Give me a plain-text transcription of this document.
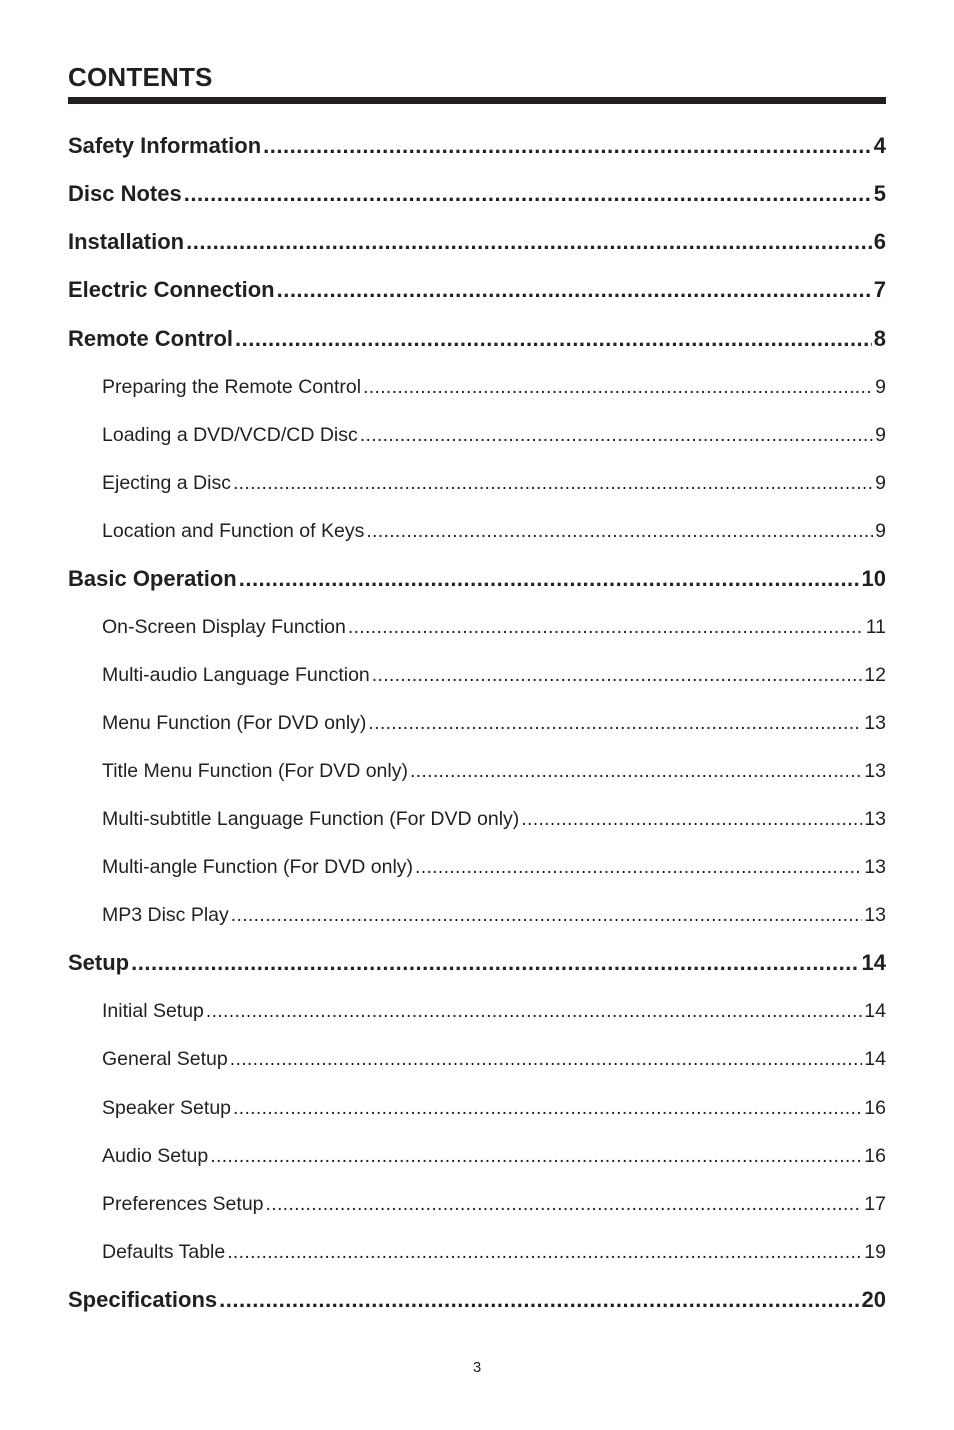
CONTENTS
Safety Information .....	4
Disc Notes .....	5
Installation .....	6
Electric Connection .....	7
Remote Control .....	8
Preparing the Remote Control .....	9
Loading a DVD/VCD/CD Disc .....	9
Ejecting a Disc .....	9
Location and Function of Keys .....	9
Basic Operation .....	10
On-Screen Display Function .....	11
Multi-audio Language Function .....	12
Menu Function (For DVD only) .....	13
Title Menu Function (For DVD only) .....	13
Multi-subtitle Language Function (For DVD only) .....	13
Multi-angle Function (For DVD only) .....	13
MP3 Disc Play .....	13
Setup .....	14
Initial Setup .....	14
General Setup .....	14
Speaker Setup .....	16
Audio Setup .....	16
Preferences Setup .....	17
Defaults Table .....	19
Specifications .....	20
3
